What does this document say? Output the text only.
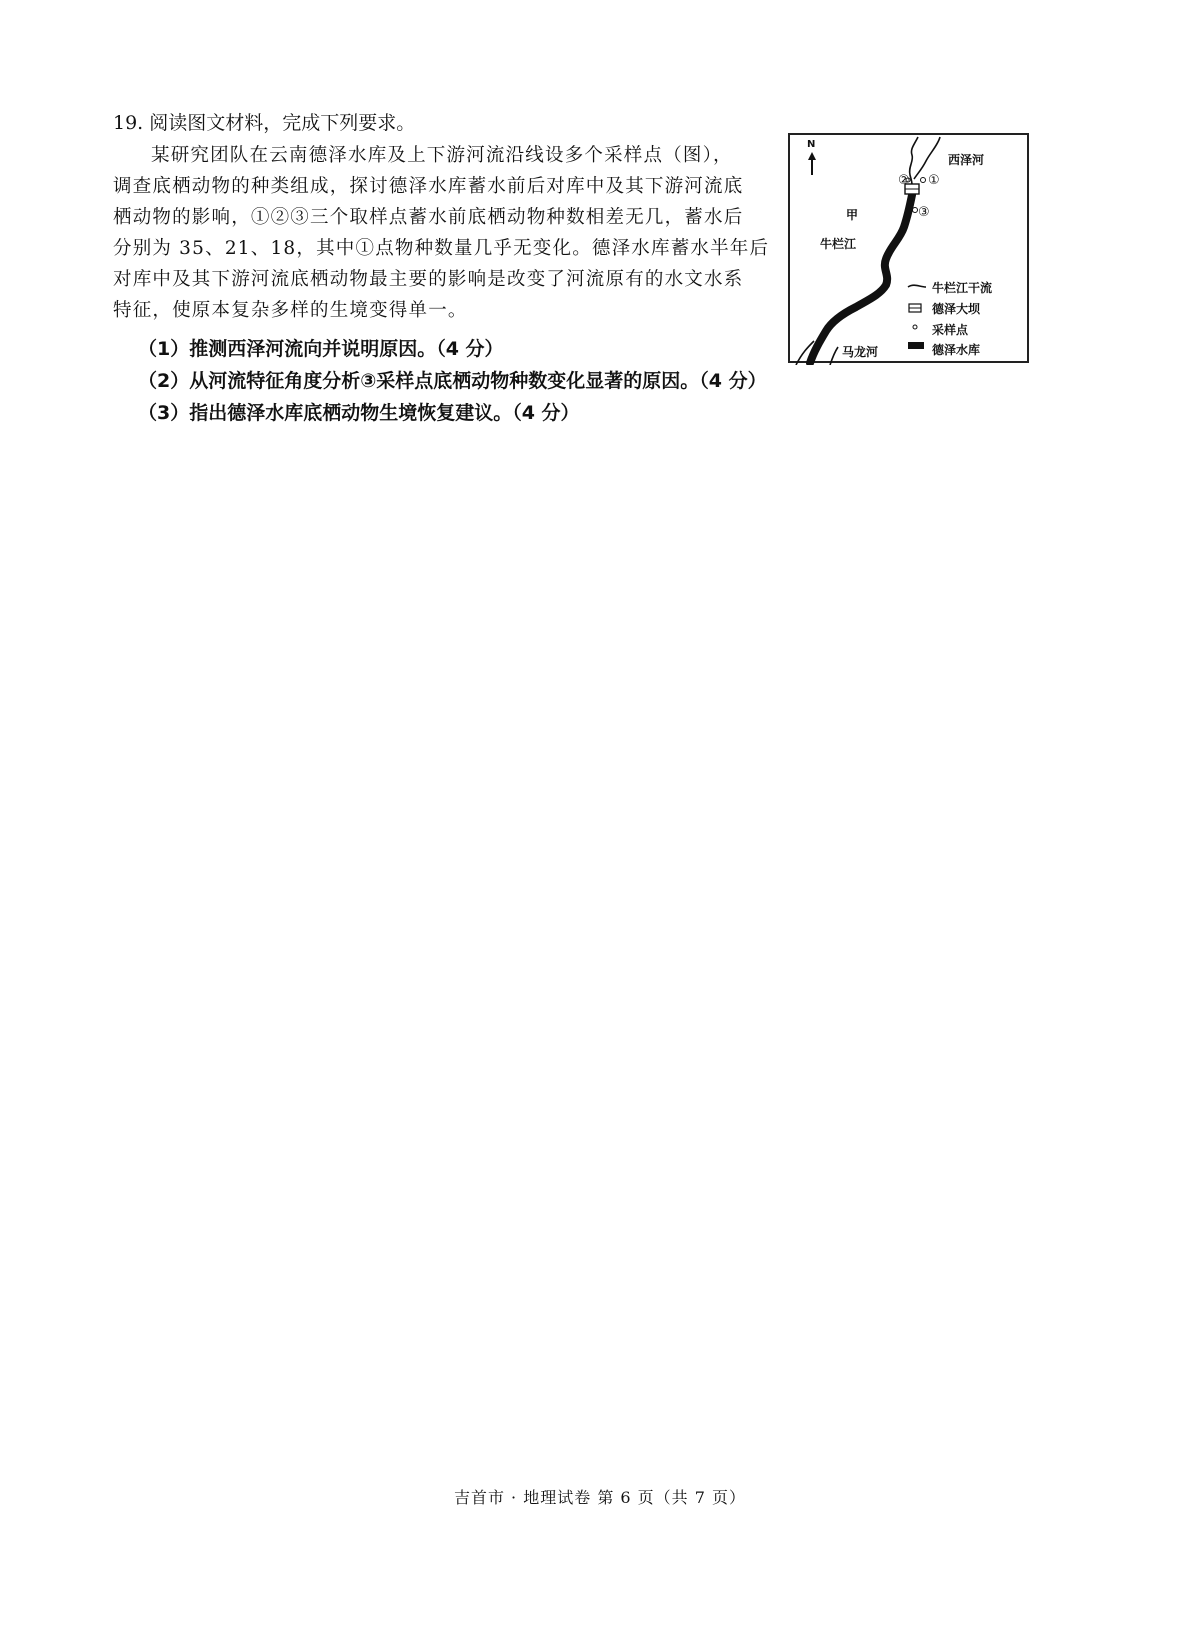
19. 阅读图文材料，完成下列要求。
某研究团队在云南德泽水库及上下游河流沿线设多个采样点（图），
调查底栖动物的种类组成，探讨德泽水库蓄水前后对库中及其下游河流底
栖动物的影响，①②③三个取样点蓄水前底栖动物种数相差无几，蓄水后
分别为 35、21、18，其中①点物种数量几乎无变化。德泽水库蓄水半年后
对库中及其下游河流底栖动物最主要的影响是改变了河流原有的水文水系
特征，使原本复杂多样的生境变得单一。
（1）推测西泽河流向并说明原因。（4 分）
（2）从河流特征角度分析③采样点底栖动物种数变化显著的原因。（4 分）
（3）指出德泽水库底栖动物生境恢复建议。（4 分）
N
西泽河
② ①
③
甲
牛栏江
马龙河
牛栏江干流
德泽大坝
采样点
德泽水库
吉首市 · 地理试卷 第 6 页（共 7 页）
